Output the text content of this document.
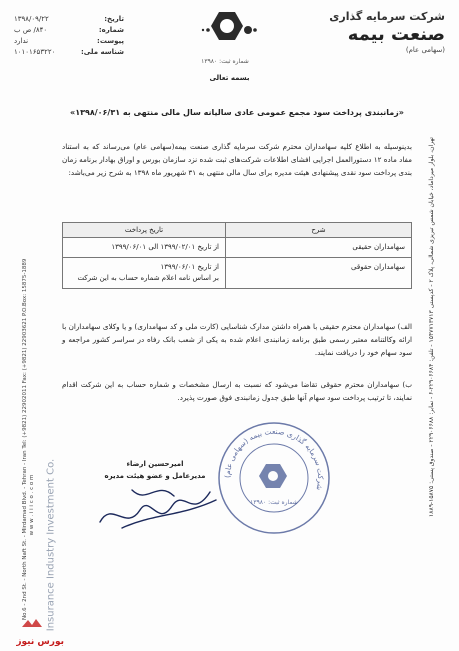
شرکت سرمایه گذاری
صنعت بیمه
(سهامی عام)
شماره ثبت: ۱۳۹۸۰
تاریخ:
۱۳۹۸/۰۹/۲۲
شماره:
۸۴۰/ ص ب
پیوست:
ندارد
شناسه ملی:
۱۰۱۰۱۶۵۳۲۲۰
بسمه تعالی
تهران، بلوار میرداماد، خیابان شمس تبریزی شمالی، پلاک ۲ - کدپستی ۱۵۴۷۷۱۳۷۱۳ - تلفن: ۲۲۹۰۶۶۸۴-۶ - نمابر: ۲۲۹۰۶۶۸۸ - صندوق پستی: ۱۵۸۷۵-۱۸۸۹
No.6 - 2nd St. - North Naft St. - Mirdamad Blvd. - Tehran - Iran Tel: (+9821) 22902011 Fax: (+9821) 22903621 P.O.Box: 15875-1889 w w w . i i i c o . c o m Insurance Industry Investment Co.
«زمانبندی پرداخت سود مجمع عمومی عادی سالیانه سال مالی منتهی به ۱۳۹۸/۰۶/۳۱»
بدینوسیله به اطلاع کلیه سهامداران محترم شرکت سرمایه گذاری صنعت بیمه(سهامی عام) می‌رساند که به استناد مفاد ماده ۱۲ دستورالعمل اجرایی افشای اطلاعات شرکت‌های ثبت شده نزد سازمان بورس و اوراق بهادار برنامه زمان بندی پرداخت سود نقدی پیشنهادی هیئت مدیره برای سال مالی منتهی به ۳۱ شهریور ماه ۱۳۹۸ به شرح زیر می‌باشد:
شرح	تاریخ پرداخت
سهامداران حقیقی	از تاریخ ۱۳۹۹/۰۲/۰۱ الی ۱۳۹۹/۰۶/۰۱

سهامداران حقوقی	از تاریخ ۱۳۹۹/۰۶/۰۱
بر اساس نامه اعلام شماره حساب به این شرکت
الف) سهامداران محترم حقیقی با همراه داشتن مدارک شناسایی (کارت ملی و کد سهامداری) و یا وکلای سهامداران با ارائه وکالتنامه معتبر رسمی طبق برنامه زمانبندی اعلام شده به یکی از شعب بانک رفاه در سراسر کشور مراجعه و سود سهام خود را دریافت نمایند.
ب) سهامداران محترم حقوقی تقاضا می‌شود که نسبت به ارسال مشخصات و شماره حساب به این شرکت اقدام نمایند، تا ترتیب پرداخت سود سهام آنها طبق جدول زمانبندی فوق صورت پذیرد.
شرکت سرمایه گذاری صنعت بیمه (سهامی عام)
شماره ثبت: ۱۳۹۸۰
امیرحسین ارضاء
مدیرعامل و عضو هیئت مدیره
بورس نیوز
